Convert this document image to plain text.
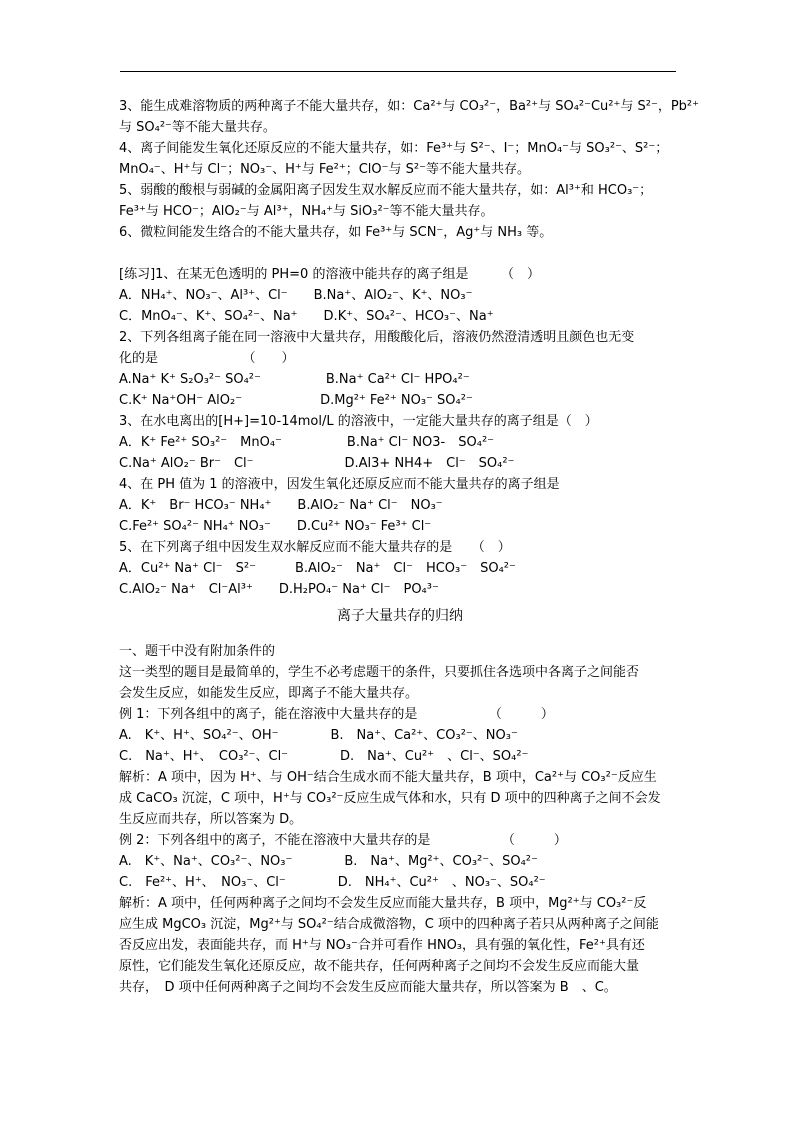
3、能生成难溶物质的两种离子不能大量共存，如：Ca²⁺与 CO₃²⁻，Ba²⁺与 SO₄²⁻Cu²⁺与 S²⁻，Pb²⁺
与 SO₄²⁻等不能大量共存。
4、离子间能发生氧化还原反应的不能大量共存，如：Fe³⁺与 S²⁻、I⁻；MnO₄⁻与 SO₃²⁻、S²⁻；
MnO₄⁻、H⁺与 Cl⁻；NO₃⁻、H⁺与 Fe²⁺；ClO⁻与 S²⁻等不能大量共存。
5、弱酸的酸根与弱碱的金属阳离子因发生双水解反应而不能大量共存，如：Al³⁺和 HCO₃⁻；
Fe³⁺与 HCO⁻；AlO₂⁻与 Al³⁺，NH₄⁺与 SiO₃²⁻等不能大量共存。
6、微粒间能发生络合的不能大量共存，如 Fe³⁺与 SCN⁻，Ag⁺与 NH₃ 等。
[练习]1、在某无色透明的 PH=0 的溶液中能共存的离子组是　　　（　）
A．NH₄⁺、NO₃⁻、Al³⁺、Cl⁻　　B.Na⁺、AlO₂⁻、K⁺、NO₃⁻
C．MnO₄⁻、K⁺、SO₄²⁻、Na⁺　　D.K⁺、SO₄²⁻、HCO₃⁻、Na⁺
2、下列各组离子能在同一溶液中大量共存，用酸酸化后，溶液仍然澄清透明且颜色也无变
化的是　　　　　　　（　　）
A.Na⁺ K⁺ S₂O₃²⁻ SO₄²⁻　　　　　B.Na⁺ Ca²⁺ Cl⁻ HPO₄²⁻
C.K⁺ Na⁺OH⁻ AlO₂⁻　　　　　　D.Mg²⁺ Fe²⁺ NO₃⁻ SO₄²⁻
3、在水电离出的[H+]=10-14mol/L 的溶液中，一定能大量共存的离子组是（　）
A．K⁺ Fe²⁺ SO₃²⁻　MnO₄⁻　　　　　B.Na⁺ Cl⁻ NO3-　SO₄²⁻
C.Na⁺ AlO₂⁻ Br⁻　Cl⁻　　　　　　　D.Al3+ NH4+　Cl⁻　SO₄²⁻
4、在 PH 值为 1 的溶液中，因发生氧化还原反应而不能大量共存的离子组是
A．K⁺　Br⁻ HCO₃⁻ NH₄⁺　　B.AlO₂⁻ Na⁺ Cl⁻　NO₃⁻
C.Fe²⁺ SO₄²⁻ NH₄⁺ NO₃⁻　　D.Cu²⁺ NO₃⁻ Fe³⁺ Cl⁻
5、在下列离子组中因发生双水解反应而不能大量共存的是　　（　）
A．Cu²⁺ Na⁺ Cl⁻　S²⁻　　　B.AlO₂⁻　Na⁺　Cl⁻　HCO₃⁻　SO₄²⁻
C.AlO₂⁻ Na⁺　Cl⁻Al³⁺　　D.H₂PO₄⁻ Na⁺ Cl⁻　PO₄³⁻
离子大量共存的归纳
一、题干中没有附加条件的
这一类型的题目是最简单的，学生不必考虑题干的条件，只要抓住各选项中各离子之间能否
会发生反应，如能发生反应，即离子不能大量共存。
例 1：下列各组中的离子，能在溶液中大量共存的是　　　　　　（　　　）
A.　K⁺、H⁺、SO₄²⁻、OH⁻　　　　B.　Na⁺、Ca²⁺、CO₃²⁻、NO₃⁻
C.　Na⁺、H⁺、　CO₃²⁻、Cl⁻　　　　D.　Na⁺、Cu²⁺　、Cl⁻、SO₄²⁻
解析：A 项中，因为 H⁺、与 OH⁻结合生成水而不能大量共存，B 项中，Ca²⁺与 CO₃²⁻反应生
成 CaCO₃ 沉淀，C 项中，H⁺与 CO₃²⁻反应生成气体和水，只有 D 项中的四种离子之间不会发
生反应而共存，所以答案为 D。
例 2：下列各组中的离子，不能在溶液中大量共存的是　　　　　　（　　　）
A.　K⁺、Na⁺、CO₃²⁻、NO₃⁻　　　　B.　Na⁺、Mg²⁺、CO₃²⁻、SO₄²⁻
C.　Fe²⁺、H⁺、　NO₃⁻、Cl⁻　　　　D.　NH₄⁺、Cu²⁺　、NO₃⁻、SO₄²⁻
解析：A 项中，任何两种离子之间均不会发生反应而能大量共存，B 项中，Mg²⁺与 CO₃²⁻反
应生成 MgCO₃ 沉淀，Mg²⁺与 SO₄²⁻结合成微溶物，C 项中的四种离子若只从两种离子之间能
否反应出发，表面能共存，而 H⁺与 NO₃⁻合并可看作 HNO₃，具有强的氧化性，Fe²⁺具有还
原性，它们能发生氧化还原反应，故不能共存，任何两种离子之间均不会发生反应而能大量
共存，　D 项中任何两种离子之间均不会发生反应而能大量共存，所以答案为 B　、C。
